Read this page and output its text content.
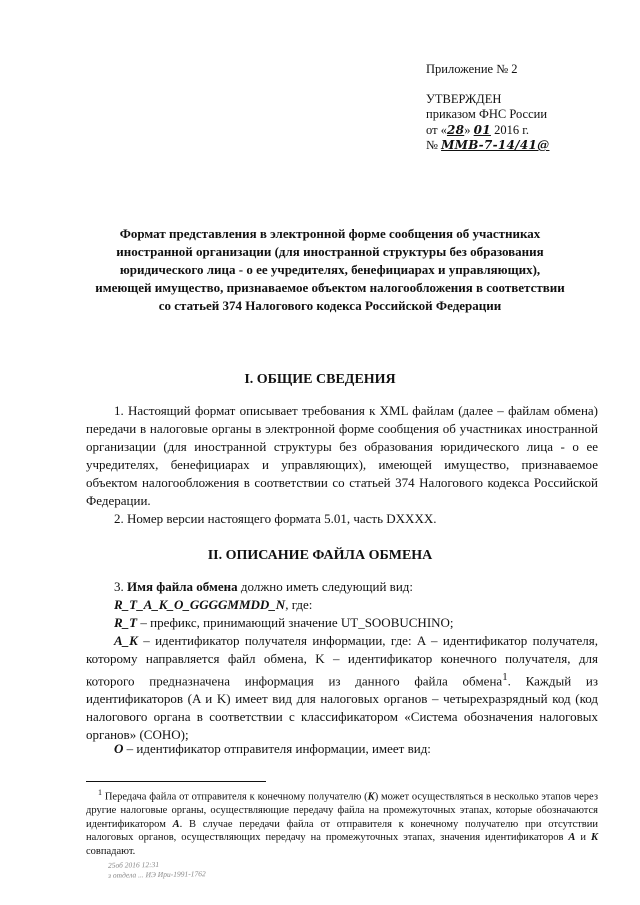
Приложение № 2
УТВЕРЖДЕН
приказом ФНС России
от «28» 01 2016 г.
№ ММВ-7-14/41@
Формат представления в электронной форме сообщения об участниках иностранной организации (для иностранной структуры без образования юридического лица - о ее учредителях, бенефициарах и управляющих), имеющей имущество, признаваемое объектом налогообложения в соответствии со статьей 374 Налогового кодекса Российской Федерации
I. ОБЩИЕ СВЕДЕНИЯ
1. Настоящий формат описывает требования к XML файлам (далее – файлам обмена) передачи в налоговые органы в электронной форме сообщения об участниках иностранной организации (для иностранной структуры без образования юридического лица - о ее учредителях, бенефициарах и управляющих), имеющей имущество, признаваемое объектом налогообложения в соответствии со статьей 374 Налогового кодекса Российской Федерации.
2. Номер версии настоящего формата 5.01, часть DXXXX.
II. ОПИСАНИЕ ФАЙЛА ОБМЕНА
3. Имя файла обмена должно иметь следующий вид:
R_T_A_K_O_GGGGMMDD_N, где:
R_T – префикс, принимающий значение UT_SOOBUCHINO;
A_K – идентификатор получателя информации, где: A – идентификатор получателя, которому направляется файл обмена, K – идентификатор конечного получателя, для которого предназначена информация из данного файла обмена$^1$. Каждый из идентификаторов (A и K) имеет вид для налоговых органов – четырехразрядный код (код налогового органа в соответствии с классификатором «Система обозначения налоговых органов» (СОНО);
O – идентификатор отправителя информации, имеет вид:
$^1$ Передача файла от отправителя к конечному получателю (K) может осуществляться в несколько этапов через другие налоговые органы, осуществляющие передачу файла на промежуточных этапах, которые обозначаются идентификатором A. В случае передачи файла от отправителя к конечному получателю при отсутствии налоговых органов, осуществляющих передачу на промежуточных этапах, значения идентификаторов A и K совпадают.
25об 2016 12:31
з отдела ... ИЭ Ири-1991-1762
